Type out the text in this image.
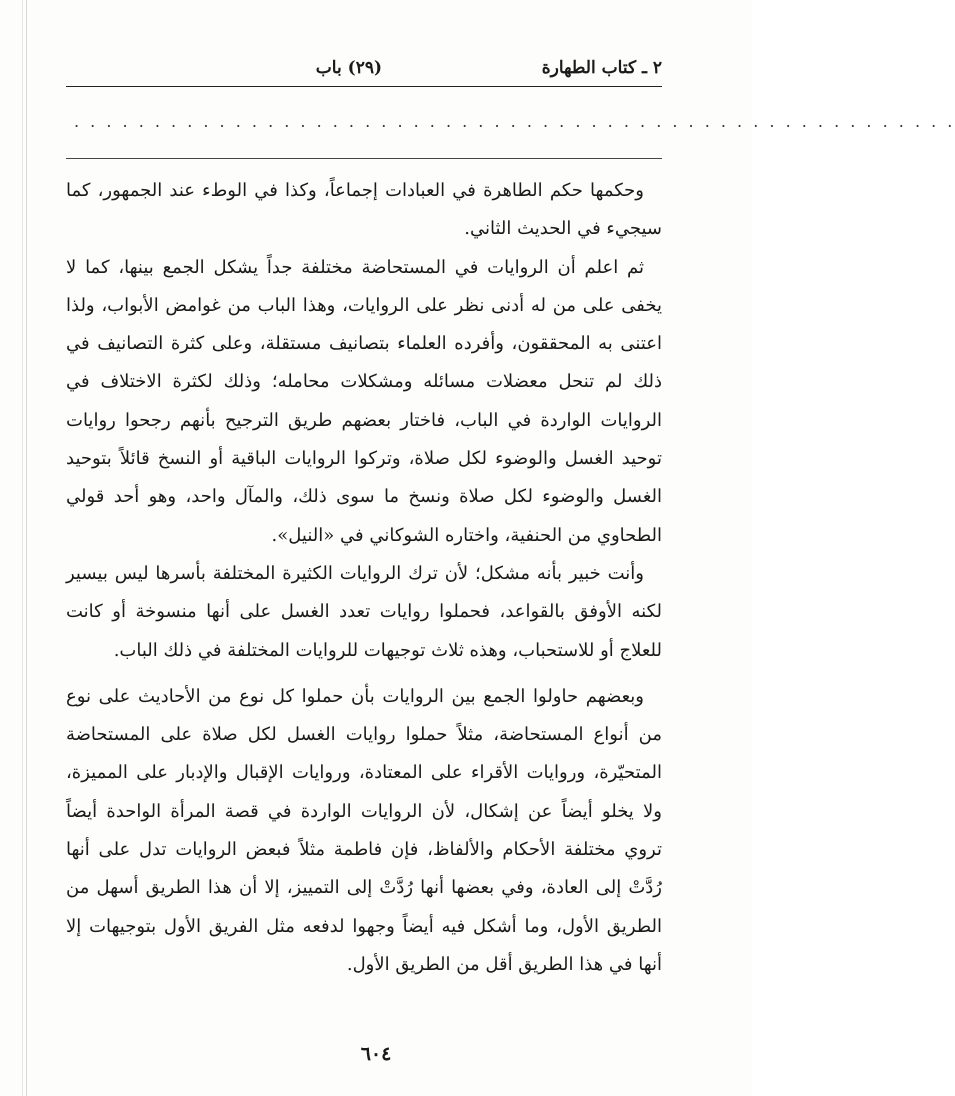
٢ ـ كتاب الطهارة
(٢٩) باب
. . . . . . . . . . . . . . . . . . . . . . . . . . . . . . . . . . . . . . . . . . . . . . . . . . . . . . .

وحكمها حكم الطاهرة في العبادات إجماعاً، وكذا في الوطء عند الجمهور، كما سيجيء في الحديث الثاني.

ثم اعلم أن الروايات في المستحاضة مختلفة جداً يشكل الجمع بينها، كما لا يخفى على من له أدنى نظر على الروايات، وهذا الباب من غوامض الأبواب، ولذا اعتنى به المحققون، وأفرده العلماء بتصانيف مستقلة، وعلى كثرة التصانيف في ذلك لم تنحل معضلات مسائله ومشكلات محامله؛ وذلك لكثرة الاختلاف في الروايات الواردة في الباب، فاختار بعضهم طريق الترجيح بأنهم رجحوا روايات توحيد الغسل والوضوء لكل صلاة، وتركوا الروايات الباقية أو النسخ قائلاً بتوحيد الغسل والوضوء لكل صلاة ونسخ ما سوى ذلك، والمآل واحد، وهو أحد قولي الطحاوي من الحنفية، واختاره الشوكاني في «النيل».

وأنت خبير بأنه مشكل؛ لأن ترك الروايات الكثيرة المختلفة بأسرها ليس بيسير لكنه الأوفق بالقواعد، فحملوا روايات تعدد الغسل على أنها منسوخة أو كانت للعلاج أو للاستحباب، وهذه ثلاث توجيهات للروايات المختلفة في ذلك الباب.

وبعضهم حاولوا الجمع بين الروايات بأن حملوا كل نوع من الأحاديث على نوع من أنواع المستحاضة، مثلاً حملوا روايات الغسل لكل صلاة على المستحاضة المتحيّرة، وروايات الأقراء على المعتادة، وروايات الإقبال والإدبار على المميزة، ولا يخلو أيضاً عن إشكال، لأن الروايات الواردة في قصة المرأة الواحدة أيضاً تروي مختلفة الأحكام والألفاظ، فإن فاطمة مثلاً فبعض الروايات تدل على أنها رُدَّتْ إلى العادة، وفي بعضها أنها رُدَّتْ إلى التمييز، إلا أن هذا الطريق أسهل من الطريق الأول، وما أشكل فيه أيضاً وجهوا لدفعه مثل الفريق الأول بتوجيهات إلا أنها في هذا الطريق أقل من الطريق الأول.

٦٠٤
